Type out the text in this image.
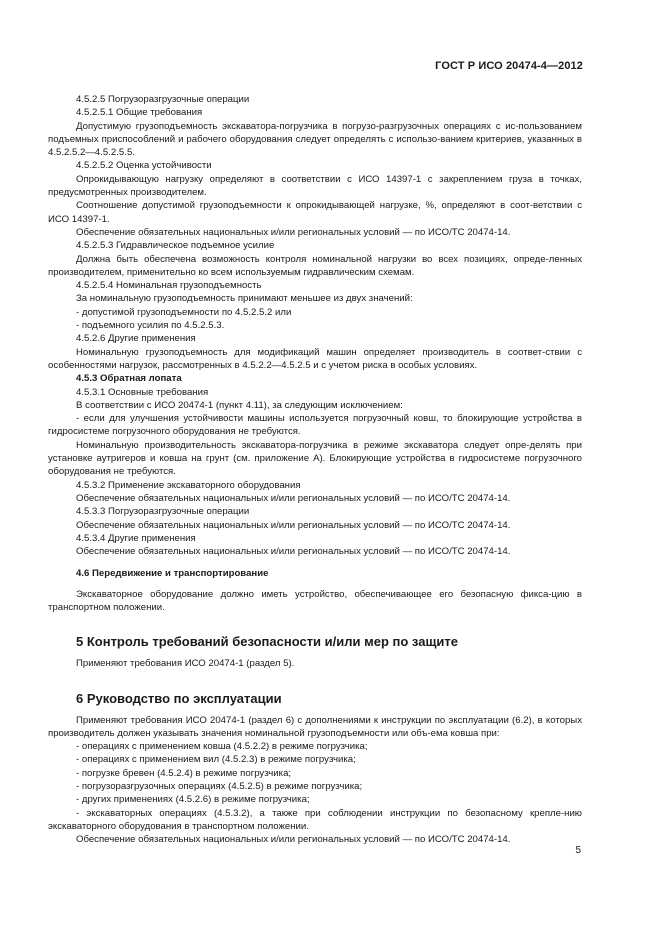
ГОСТ Р ИСО 20474-4—2012

4.5.2.5 Погрузоразгрузочные операции

4.5.2.5.1 Общие требования

Допустимую грузоподъемность экскаватора-погрузчика в погрузо-разгрузочных операциях с ис-пользованием подъемных приспособлений и рабочего оборудования следует определять с использо-ванием критериев, указанных в 4.5.2.5.2—4.5.2.5.5.

4.5.2.5.2 Оценка устойчивости

Опрокидывающую нагрузку определяют в соответствии с ИСО 14397-1 с закреплением груза в точках, предусмотренных производителем.

Соотношение допустимой грузоподъемности к опрокидывающей нагрузке, %, определяют в соот-ветствии с ИСО 14397-1.

Обеспечение обязательных национальных и/или региональных условий — по ИСО/ТС 20474-14.

4.5.2.5.3 Гидравлическое подъемное усилие

Должна быть обеспечена возможность контроля номинальной нагрузки во всех позициях, опреде-ленных производителем, применительно ко всем используемым гидравлическим схемам.

4.5.2.5.4 Номинальная грузоподъемность

За номинальную грузоподъемность принимают меньшее из двух значений:

- допустимой грузоподъемности по 4.5.2.5.2 или

- подъемного усилия по 4.5.2.5.3.

4.5.2.6 Другие применения

Номинальную грузоподъемность для модификаций машин определяет производитель в соответ-ствии с особенностями нагрузок, рассмотренных в 4.5.2.2—4.5.2.5 и с учетом риска в особых условиях.

4.5.3 Обратная лопата

4.5.3.1 Основные требования

В соответствии с ИСО 20474-1 (пункт 4.11), за следующим исключением:

- если для улучшения устойчивости машины используется погрузочный ковш, то блокирующие устройства в гидросистеме погрузочного оборудования не требуются.

Номинальную производительность экскаватора-погрузчика в режиме экскаватора следует опре-делять при установке аутригеров и ковша на грунт (см. приложение А). Блокирующие устройства в гидросистеме погрузочного оборудования не требуются.

4.5.3.2 Применение экскаваторного оборудования

Обеспечение обязательных национальных и/или региональных условий — по ИСО/ТС 20474-14.

4.5.3.3 Погрузоразгрузочные операции

Обеспечение обязательных национальных и/или региональных условий — по ИСО/ТС 20474-14.

4.5.3.4 Другие применения

Обеспечение обязательных национальных и/или региональных условий — по ИСО/ТС 20474-14.

4.6 Передвижение и транспортирование

Экскаваторное оборудование должно иметь устройство, обеспечивающее его безопасную фикса-цию в транспортном положении.

5 Контроль требований безопасности и/или мер по защите

Применяют требования ИСО 20474-1 (раздел 5).

6 Руководство по эксплуатации

Применяют требования ИСО 20474-1 (раздел 6) с дополнениями к инструкции по эксплуатации (6.2), в которых производитель должен указывать значения номинальной грузоподъемности или объ-ема ковша при:

- операциях с применением ковша (4.5.2.2) в режиме погрузчика;

- операциях с применением вил (4.5.2.3) в режиме погрузчика;

- погрузке бревен (4.5.2.4) в режиме погрузчика;

- погрузоразгрузочных операциях (4.5.2.5) в режиме погрузчика;

- других применениях (4.5.2.6) в режиме погрузчика;

- экскаваторных операциях (4.5.3.2), а также при соблюдении инструкции по безопасному крепле-нию экскаваторного оборудования в транспортном положении.

Обеспечение обязательных национальных и/или региональных условий — по ИСО/ТС 20474-14.

5
